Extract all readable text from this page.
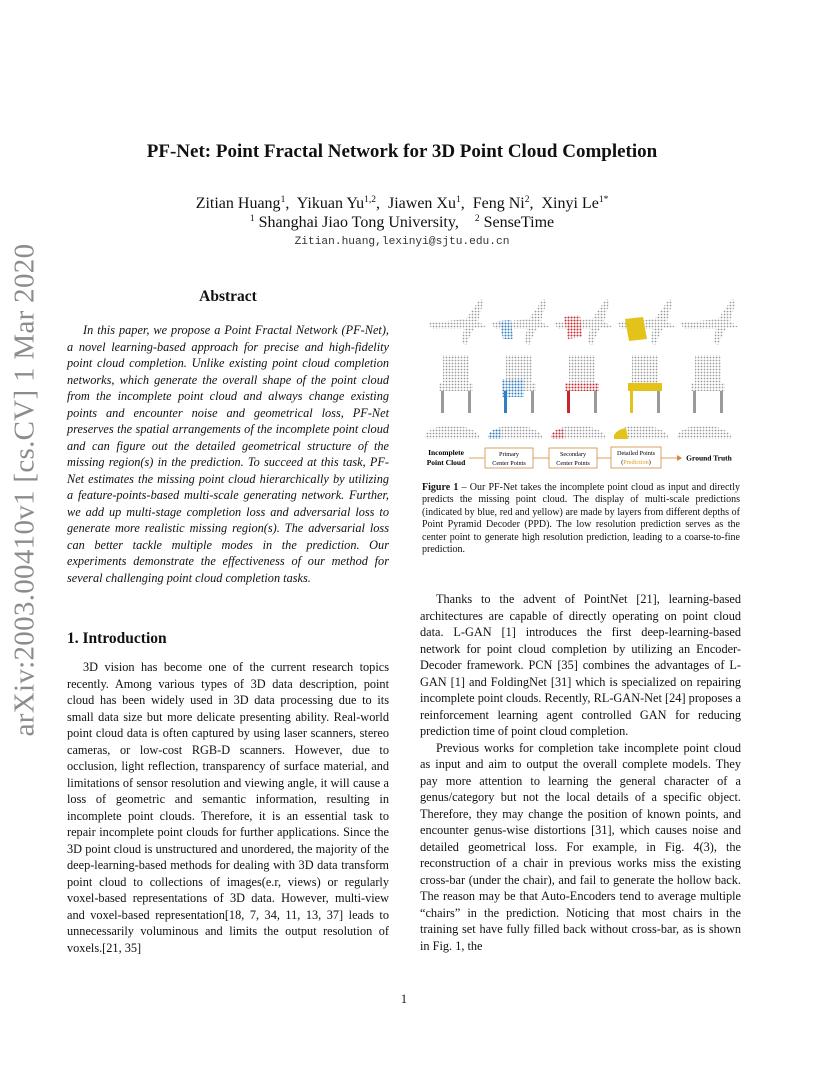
arXiv:2003.00410v1 [cs.CV] 1 Mar 2020
PF-Net: Point Fractal Network for 3D Point Cloud Completion
Zitian Huang$^1$,  Yikuan Yu$^{1,2}$,  Jiawen Xu$^1$,  Feng Ni$^2$,  Xinyi $Le^{1*}$
$^1$ Shanghai Jiao Tong University, $^2$ SenseTime
Zitian.huang,lexinyi@sjtu.edu.cn
Abstract
In this paper, we propose a Point Fractal Network (PF-Net), a novel learning-based approach for precise and high-fidelity point cloud completion. Unlike existing point cloud completion networks, which generate the overall shape of the point cloud from the incomplete point cloud and always change existing points and encounter noise and geometrical loss, PF-Net preserves the spatial arrangements of the incomplete point cloud and can figure out the detailed geometrical structure of the missing region(s) in the prediction. To succeed at this task, PF-Net estimates the missing point cloud hierarchically by utilizing a feature-points-based multi-scale generating network. Further, we add up multi-stage completion loss and adversarial loss to generate more realistic missing region(s). The adversarial loss can better tackle multiple modes in the prediction. Our experiments demonstrate the effectiveness of our method for several challenging point cloud completion tasks.
1. Introduction
3D vision has become one of the current research topics recently. Among various types of 3D data description, point cloud has been widely used in 3D data processing due to its small data size but more delicate presenting ability. Real-world point cloud data is often captured by using laser scanners, stereo cameras, or low-cost RGB-D scanners. However, due to occlusion, light reflection, transparency of surface material, and limitations of sensor resolution and viewing angle, it will cause a loss of geometric and semantic information, resulting in incomplete point clouds. Therefore, it is an essential task to repair incomplete point clouds for further applications. Since the 3D point cloud is unstructured and unordered, the majority of the deep-learning-based methods for dealing with 3D data transform point cloud to collections of images(e.r, views) or regularly voxel-based representations of 3D data. However, multi-view and voxel-based representation[18, 7, 34, 11, 13, 37] leads to unnecessarily voluminous and limits the output resolution of voxels.[21, 35]
Incomplete
Point Cloud
Primary
Center Points
Secondary
Center Points
Detailed Points
(Prediction)	Ground Truth
Figure 1 – Our PF-Net takes the incomplete point cloud as input and directly predicts the missing point cloud. The display of multi-scale predictions (indicated by blue, red and yellow) are made by layers from different depths of Point Pyramid Decoder (PPD). The low resolution prediction serves as the center point to generate high resolution prediction, leading to a coarse-to-fine prediction.

Thanks to the advent of PointNet [21], learning-based architectures are capable of directly operating on point cloud data. L-GAN [1] introduces the first deep-learning-based network for point cloud completion by utilizing an Encoder-Decoder framework. PCN [35] combines the advantages of L-GAN [1] and FoldingNet [31] which is specialized on repairing incomplete point clouds. Recently, RL-GAN-Net [24] proposes a reinforcement learning agent controlled GAN for reducing prediction time of point cloud completion.

Previous works for completion take incomplete point cloud as input and aim to output the overall complete models. They pay more attention to learning the general character of a genus/category but not the local details of a specific object. Therefore, they may change the position of known points, and encounter genus-wise distortions [31], which causes noise and detailed geometrical loss. For example, in Fig. 4(3), the reconstruction of a chair in previous works miss the existing cross-bar (under the chair), and fail to generate the hollow back. The reason may be that Auto-Encoders tend to average multiple “chairs” in the prediction. Noticing that most chairs in the training set have fully filled back without cross-bar, as is shown in Fig. 1, the

1
